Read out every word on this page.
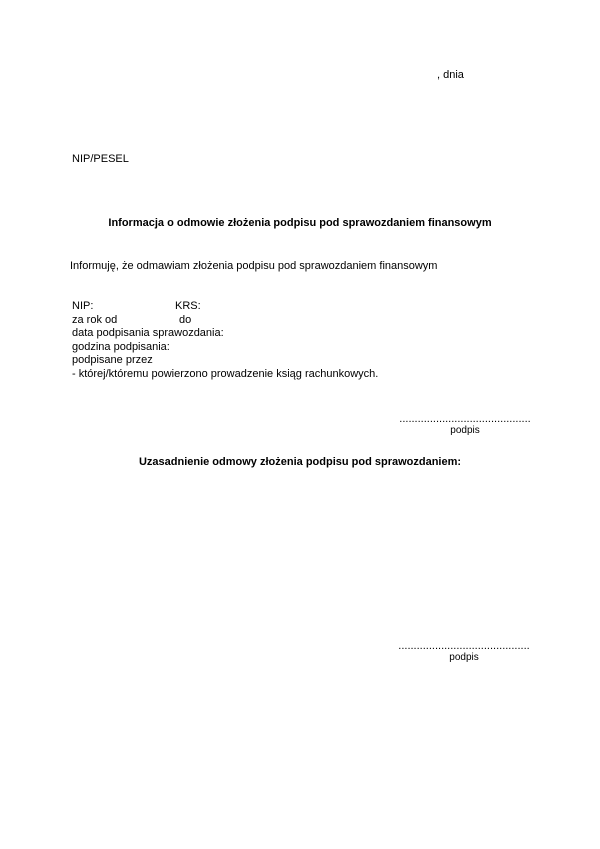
, dnia
NIP/PESEL
Informacja o odmowie złożenia podpisu pod sprawozdaniem finansowym
Informuję, że odmawiam złożenia podpisu pod sprawozdaniem finansowym
NIP:	KRS:
za rok od	do
data podpisania sprawozdania:
godzina podpisania:
podpisane przez
- której/któremu powierzono prowadzenie ksiąg rachunkowych.
...........................................
podpis
Uzasadnienie odmowy złożenia podpisu pod sprawozdaniem:
...........................................
podpis
